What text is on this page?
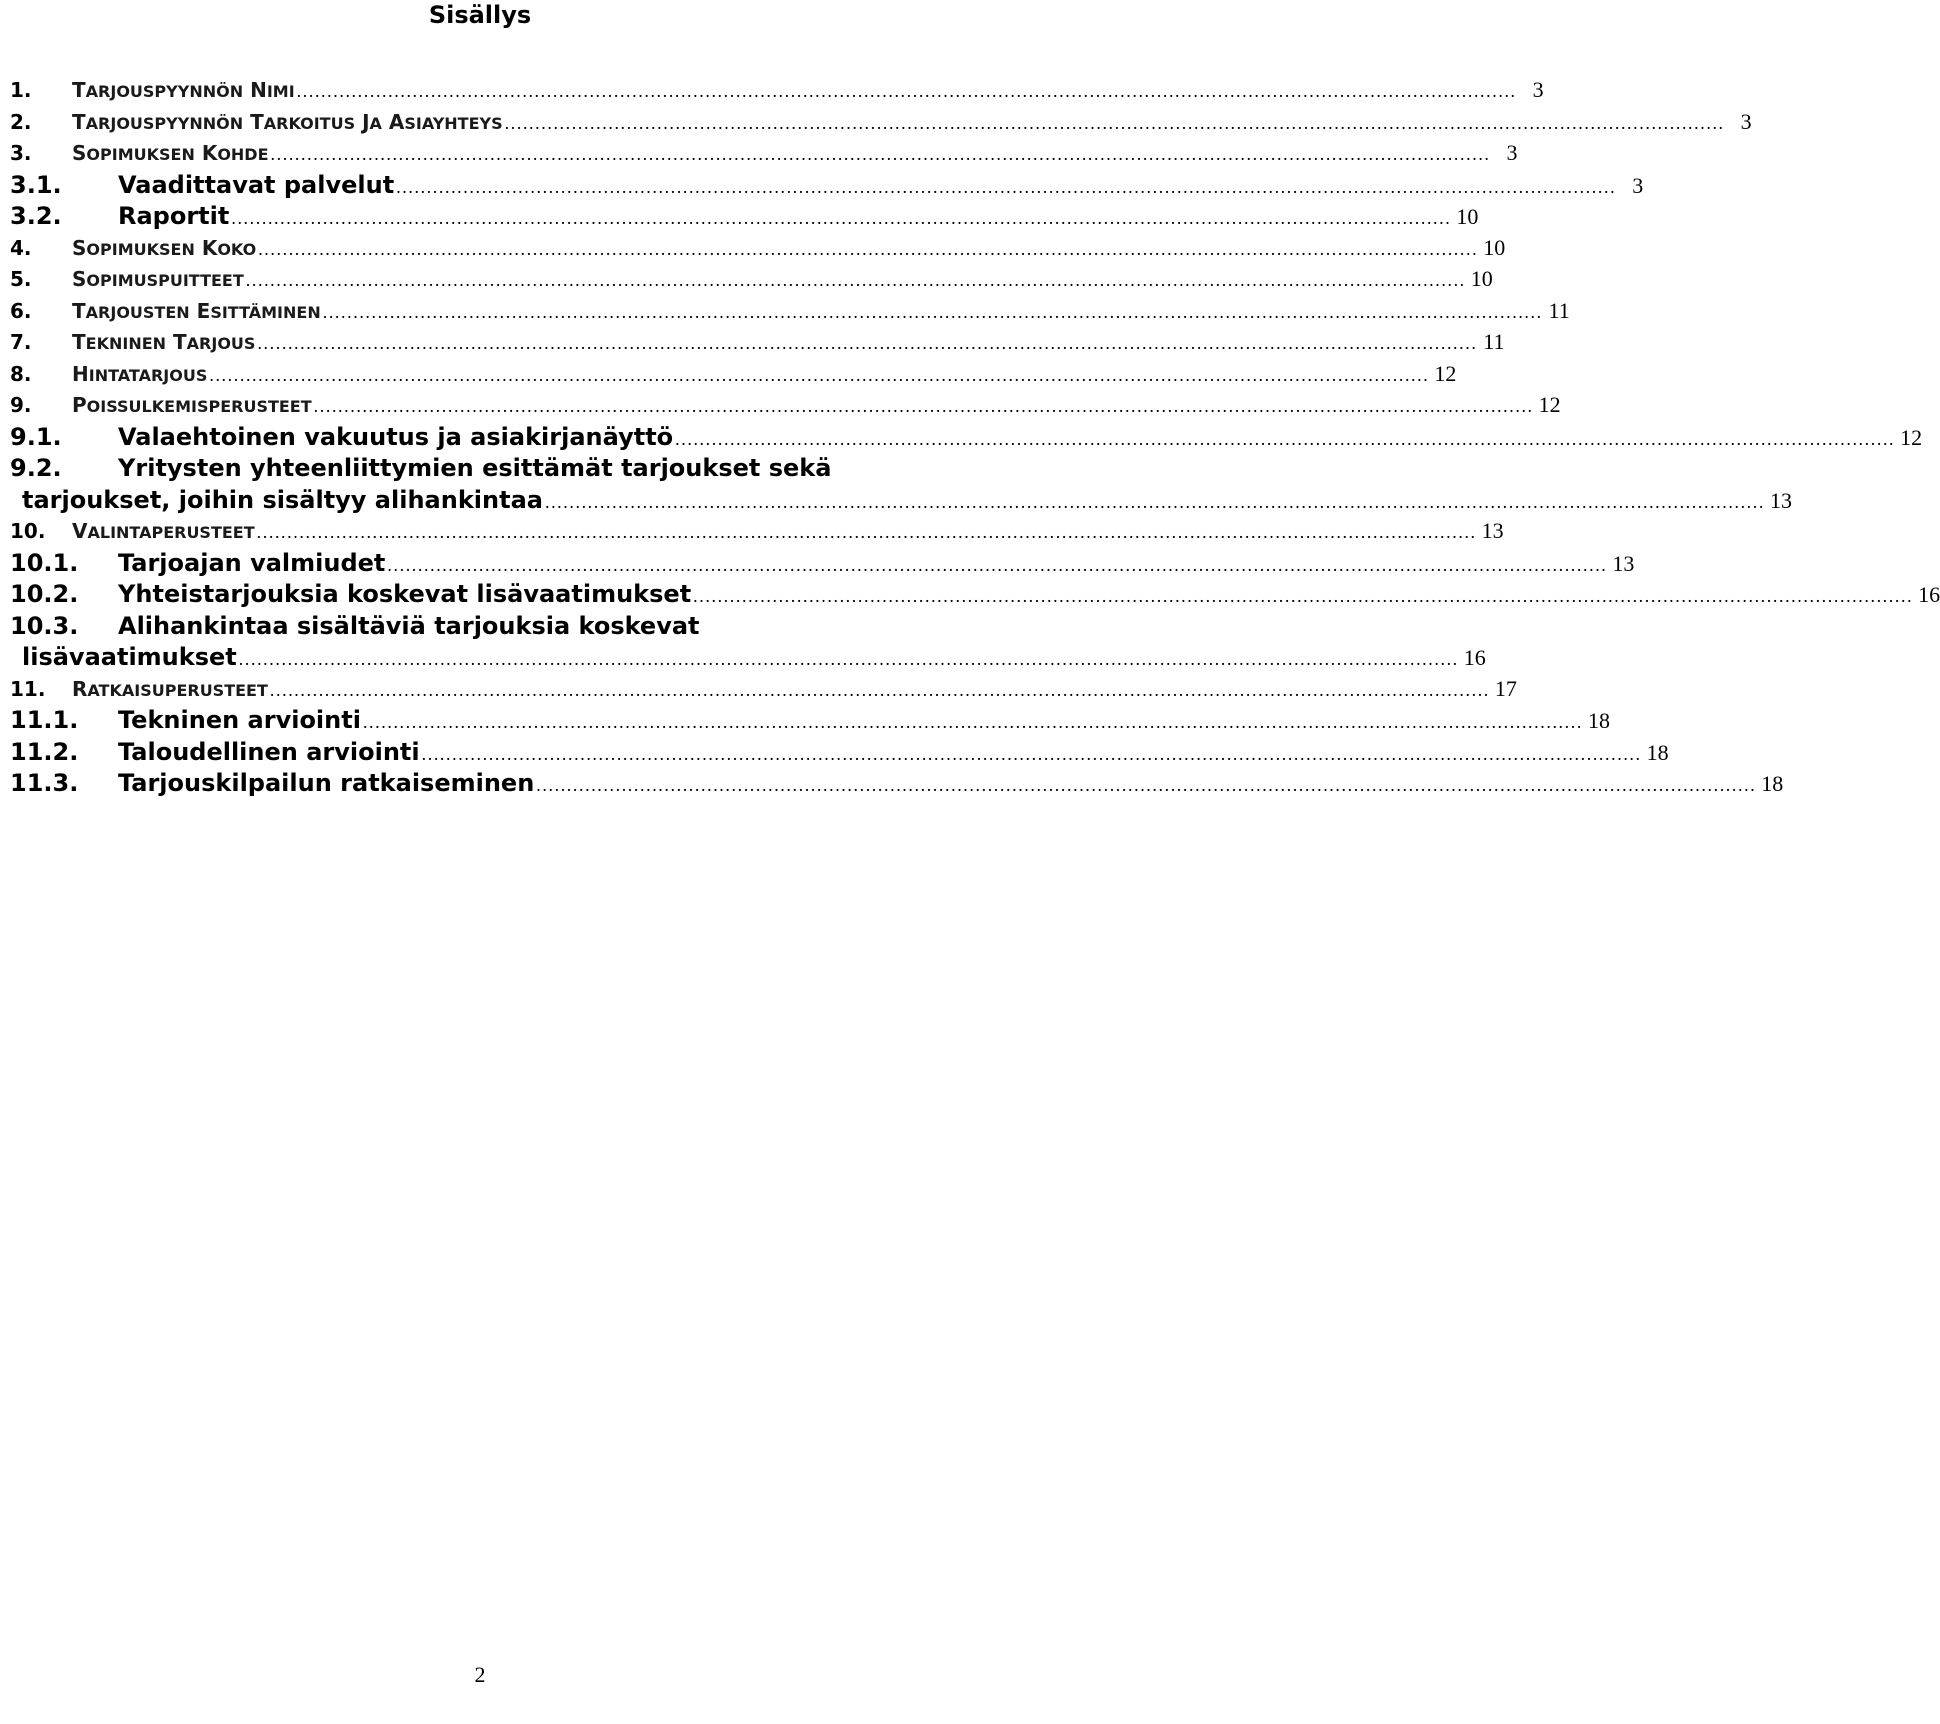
Sisällys
1. TARJOUSPYYNNÖN NIMI ........................................................................................................................................................................................................ 3
2. TARJOUSPYYNNÖN TARKOITUS JA ASIAYHTEYS ........................................................................................................................................................................................................ 3
3. SOPIMUKSEN KOHDE ........................................................................................................................................................................................................ 3
3.1. Vaadittavat palvelut ........................................................................................................................................................................................................ 3
3.2. Raportit ........................................................................................................................................................................................................ 10
4. SOPIMUKSEN KOKO ........................................................................................................................................................................................................ 10
5. SOPIMUSPUITTEET ........................................................................................................................................................................................................ 10
6. TARJOUSTEN ESITTÄMINEN ........................................................................................................................................................................................................ 11
7. TEKNINEN TARJOUS ........................................................................................................................................................................................................ 11
8. HINTATARJOUS ........................................................................................................................................................................................................ 12
9. POISSULKEMISPERUSTEET ........................................................................................................................................................................................................ 12
9.1. Valaehtoinen vakuutus ja asiakirjanäyttö ........................................................................................................................................................................................................ 12
9.2. Yritysten yhteenliittymien esittämät tarjoukset sekä
tarjoukset, joihin sisältyy alihankintaa ........................................................................................................................................................................................................ 13
10. VALINTAPERUSTEET ........................................................................................................................................................................................................ 13
10.1. Tarjoajan valmiudet ........................................................................................................................................................................................................ 13
10.2. Yhteistarjouksia koskevat lisävaatimukset ........................................................................................................................................................................................................ 16
10.3. Alihankintaa sisältäviä tarjouksia koskevat
lisävaatimukset ........................................................................................................................................................................................................ 16
11. RATKAISUPERUSTEET ........................................................................................................................................................................................................ 17
11.1. Tekninen arviointi ........................................................................................................................................................................................................ 18
11.2. Taloudellinen arviointi ........................................................................................................................................................................................................ 18
11.3. Tarjouskilpailun ratkaiseminen ........................................................................................................................................................................................................ 18
2
